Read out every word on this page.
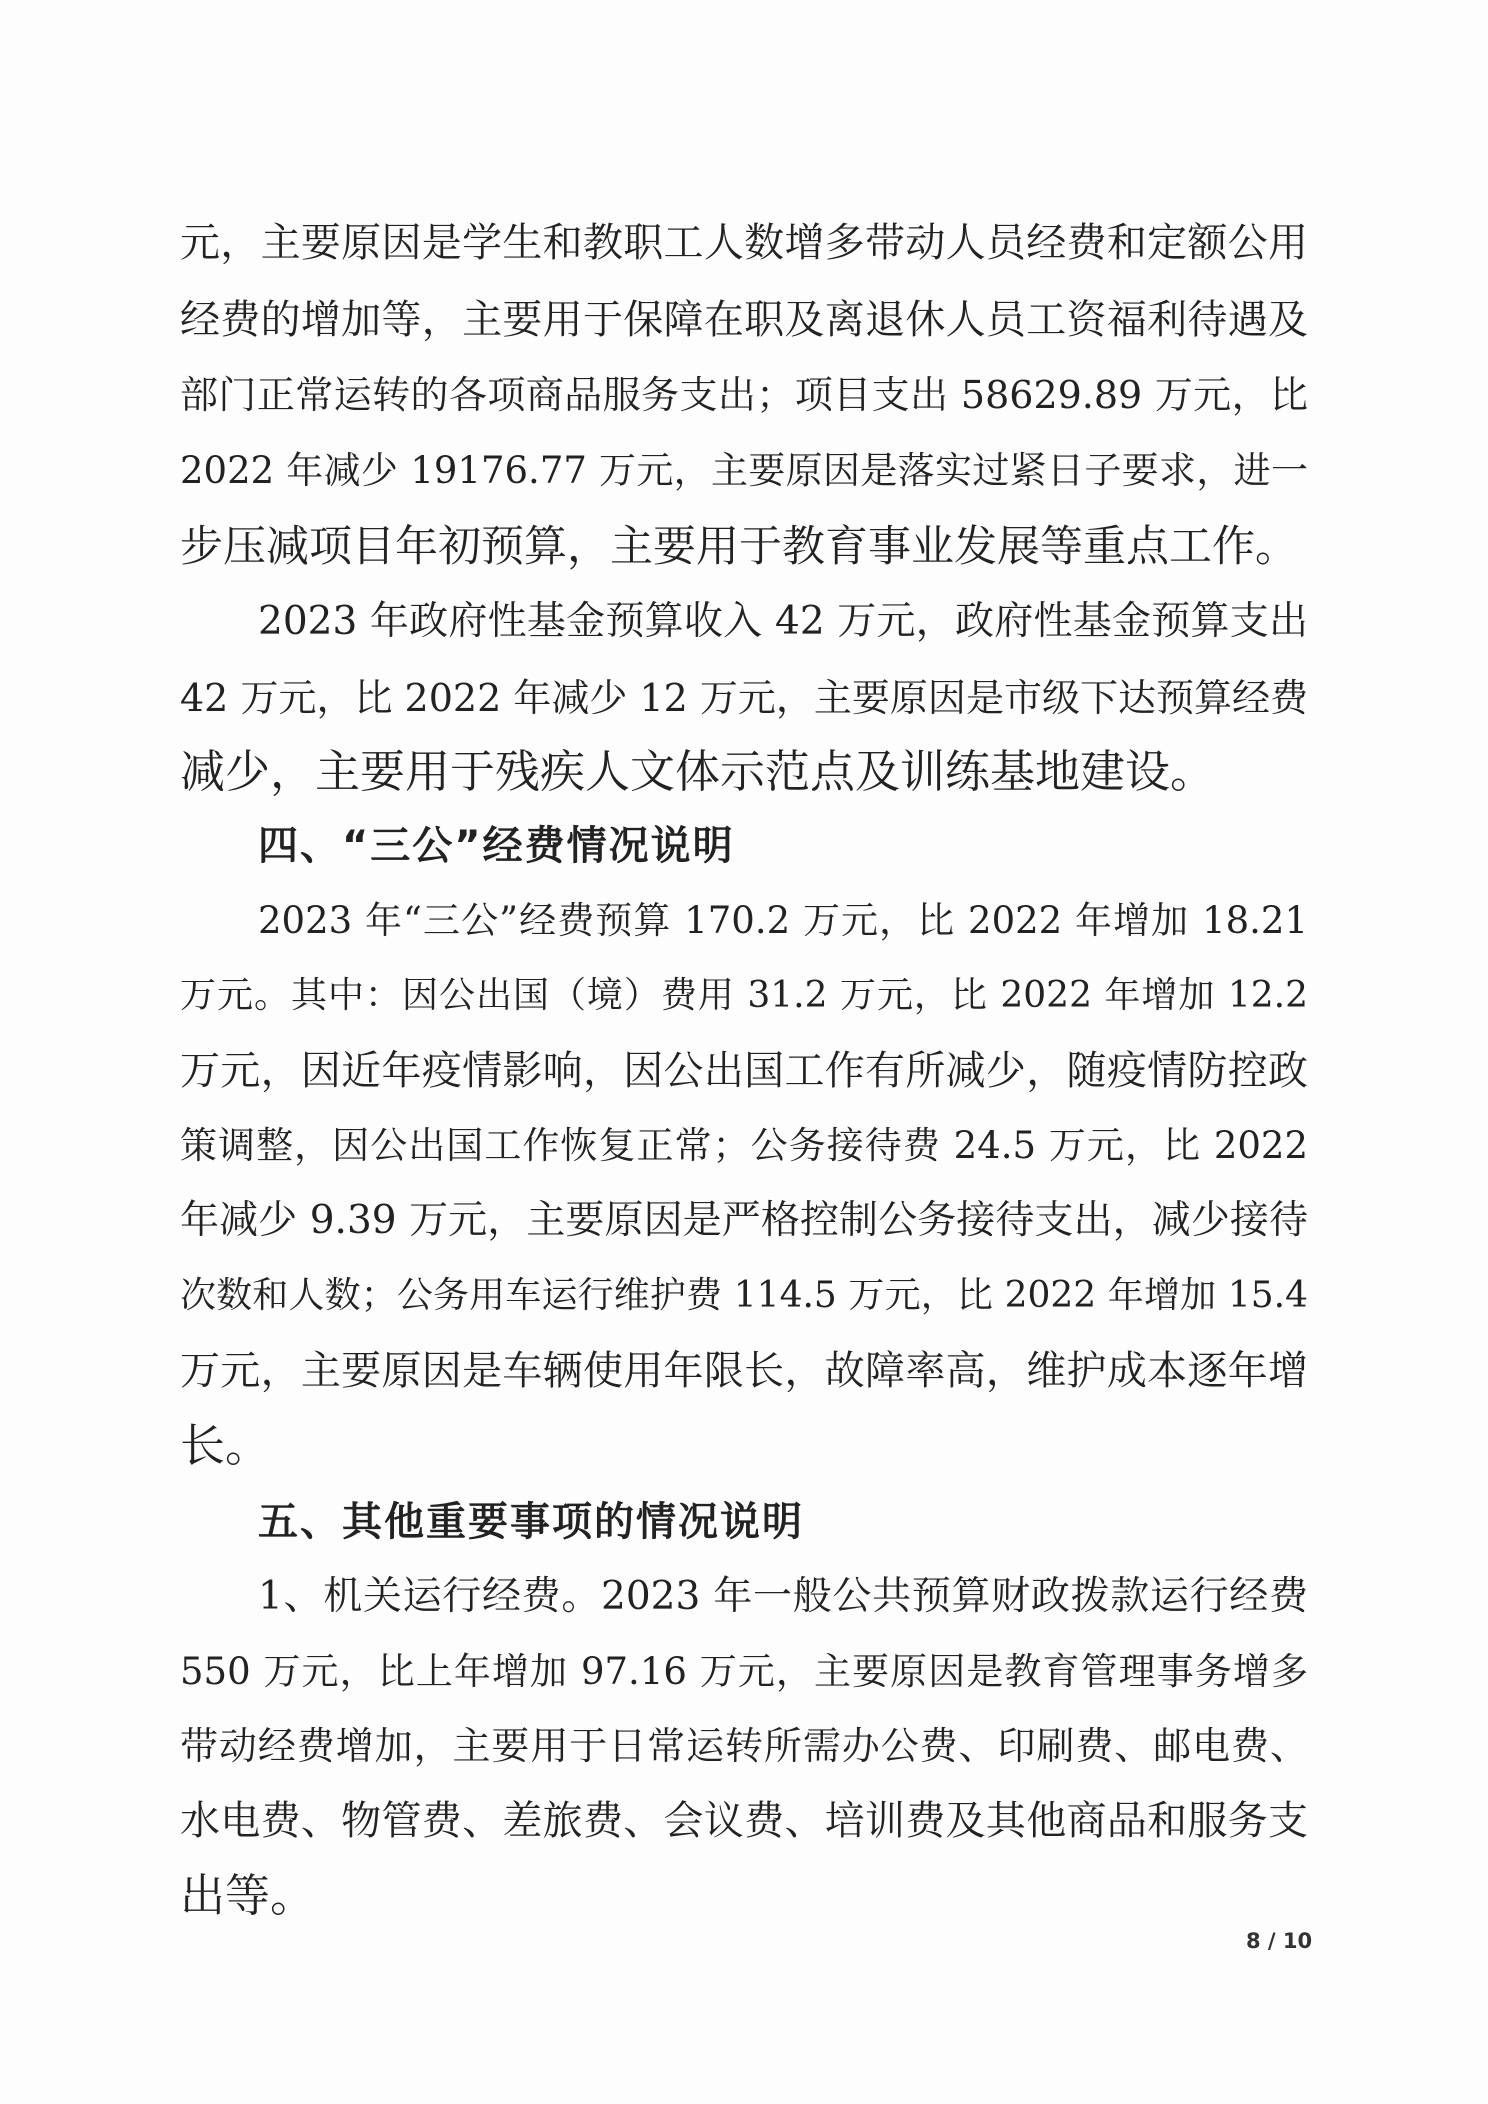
元，主要原因是学生和教职工人数增多带动人员经费和定额公用
经费的增加等，主要用于保障在职及离退休人员工资福利待遇及
部门正常运转的各项商品服务支出；项目支出 58629.89 万元，比
2022 年减少 19176.77 万元，主要原因是落实过紧日子要求，进一
步压减项目年初预算，主要用于教育事业发展等重点工作。
2023 年政府性基金预算收入 42 万元，政府性基金预算支出
42 万元，比 2022 年减少 12 万元，主要原因是市级下达预算经费
减少，主要用于残疾人文体示范点及训练基地建设。
四、“三公”经费情况说明
2023 年“三公”经费预算 170.2 万元，比 2022 年增加 18.21
万元。其中：因公出国（境）费用 31.2 万元，比 2022 年增加 12.2
万元，因近年疫情影响，因公出国工作有所减少，随疫情防控政
策调整，因公出国工作恢复正常；公务接待费 24.5 万元，比 2022
年减少 9.39 万元，主要原因是严格控制公务接待支出，减少接待
次数和人数；公务用车运行维护费 114.5 万元，比 2022 年增加 15.4
万元，主要原因是车辆使用年限长，故障率高，维护成本逐年增
长。
五、其他重要事项的情况说明
1、机关运行经费。2023 年一般公共预算财政拨款运行经费
550 万元，比上年增加 97.16 万元，主要原因是教育管理事务增多
带动经费增加，主要用于日常运转所需办公费、印刷费、邮电费、
水电费、物管费、差旅费、会议费、培训费及其他商品和服务支
出等。
8 / 10
